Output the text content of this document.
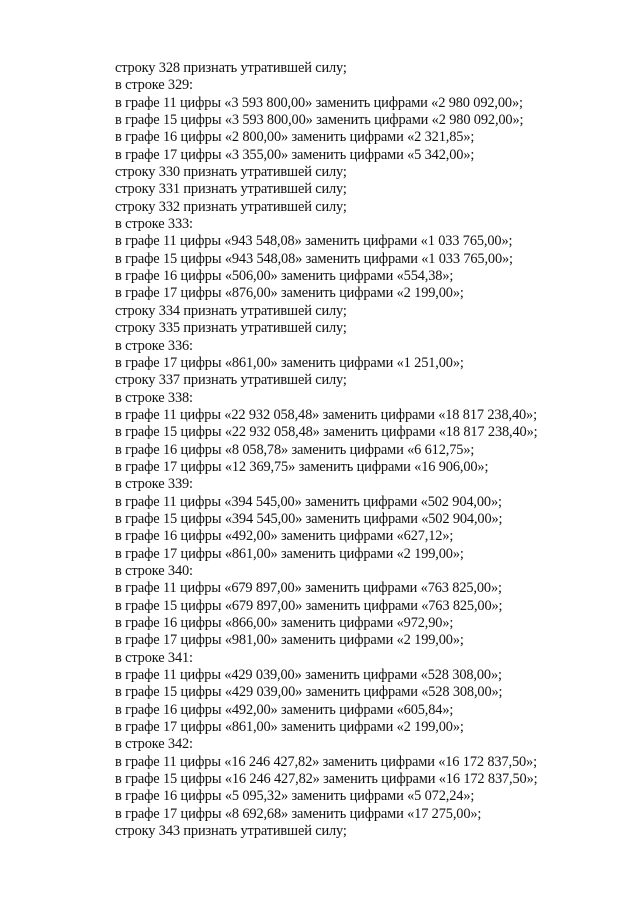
строку 328 признать утратившей силу;
в строке 329:
в графе 11 цифры «3 593 800,00» заменить цифрами «2 980 092,00»;
в графе 15 цифры «3 593 800,00» заменить цифрами «2 980 092,00»;
в графе 16 цифры «2 800,00» заменить цифрами «2 321,85»;
в графе 17 цифры «3 355,00» заменить цифрами «5 342,00»;
строку 330 признать утратившей силу;
строку 331 признать утратившей силу;
строку 332 признать утратившей силу;
в строке 333:
в графе 11 цифры «943 548,08» заменить цифрами «1 033 765,00»;
в графе 15 цифры «943 548,08» заменить цифрами «1 033 765,00»;
в графе 16 цифры «506,00» заменить цифрами «554,38»;
в графе 17 цифры «876,00» заменить цифрами «2 199,00»;
строку 334 признать утратившей силу;
строку 335 признать утратившей силу;
в строке 336:
в графе 17 цифры «861,00» заменить цифрами «1 251,00»;
строку 337 признать утратившей силу;
в строке 338:
в графе 11 цифры «22 932 058,48» заменить цифрами «18 817 238,40»;
в графе 15 цифры «22 932 058,48» заменить цифрами «18 817 238,40»;
в графе 16 цифры «8 058,78» заменить цифрами «6 612,75»;
в графе 17 цифры «12 369,75» заменить цифрами «16 906,00»;
в строке 339:
в графе 11 цифры «394 545,00» заменить цифрами «502 904,00»;
в графе 15 цифры «394 545,00» заменить цифрами «502 904,00»;
в графе 16 цифры «492,00» заменить цифрами «627,12»;
в графе 17 цифры «861,00» заменить цифрами «2 199,00»;
в строке 340:
в графе 11 цифры «679 897,00» заменить цифрами «763 825,00»;
в графе 15 цифры «679 897,00» заменить цифрами «763 825,00»;
в графе 16 цифры «866,00» заменить цифрами «972,90»;
в графе 17 цифры «981,00» заменить цифрами «2 199,00»;
в строке 341:
в графе 11 цифры «429 039,00» заменить цифрами «528 308,00»;
в графе 15 цифры «429 039,00» заменить цифрами «528 308,00»;
в графе 16 цифры «492,00» заменить цифрами «605,84»;
в графе 17 цифры «861,00» заменить цифрами «2 199,00»;
в строке 342:
в графе 11 цифры «16 246 427,82» заменить цифрами «16 172 837,50»;
в графе 15 цифры «16 246 427,82» заменить цифрами «16 172 837,50»;
в графе 16 цифры «5 095,32» заменить цифрами «5 072,24»;
в графе 17 цифры «8 692,68» заменить цифрами «17 275,00»;
строку 343 признать утратившей силу;
